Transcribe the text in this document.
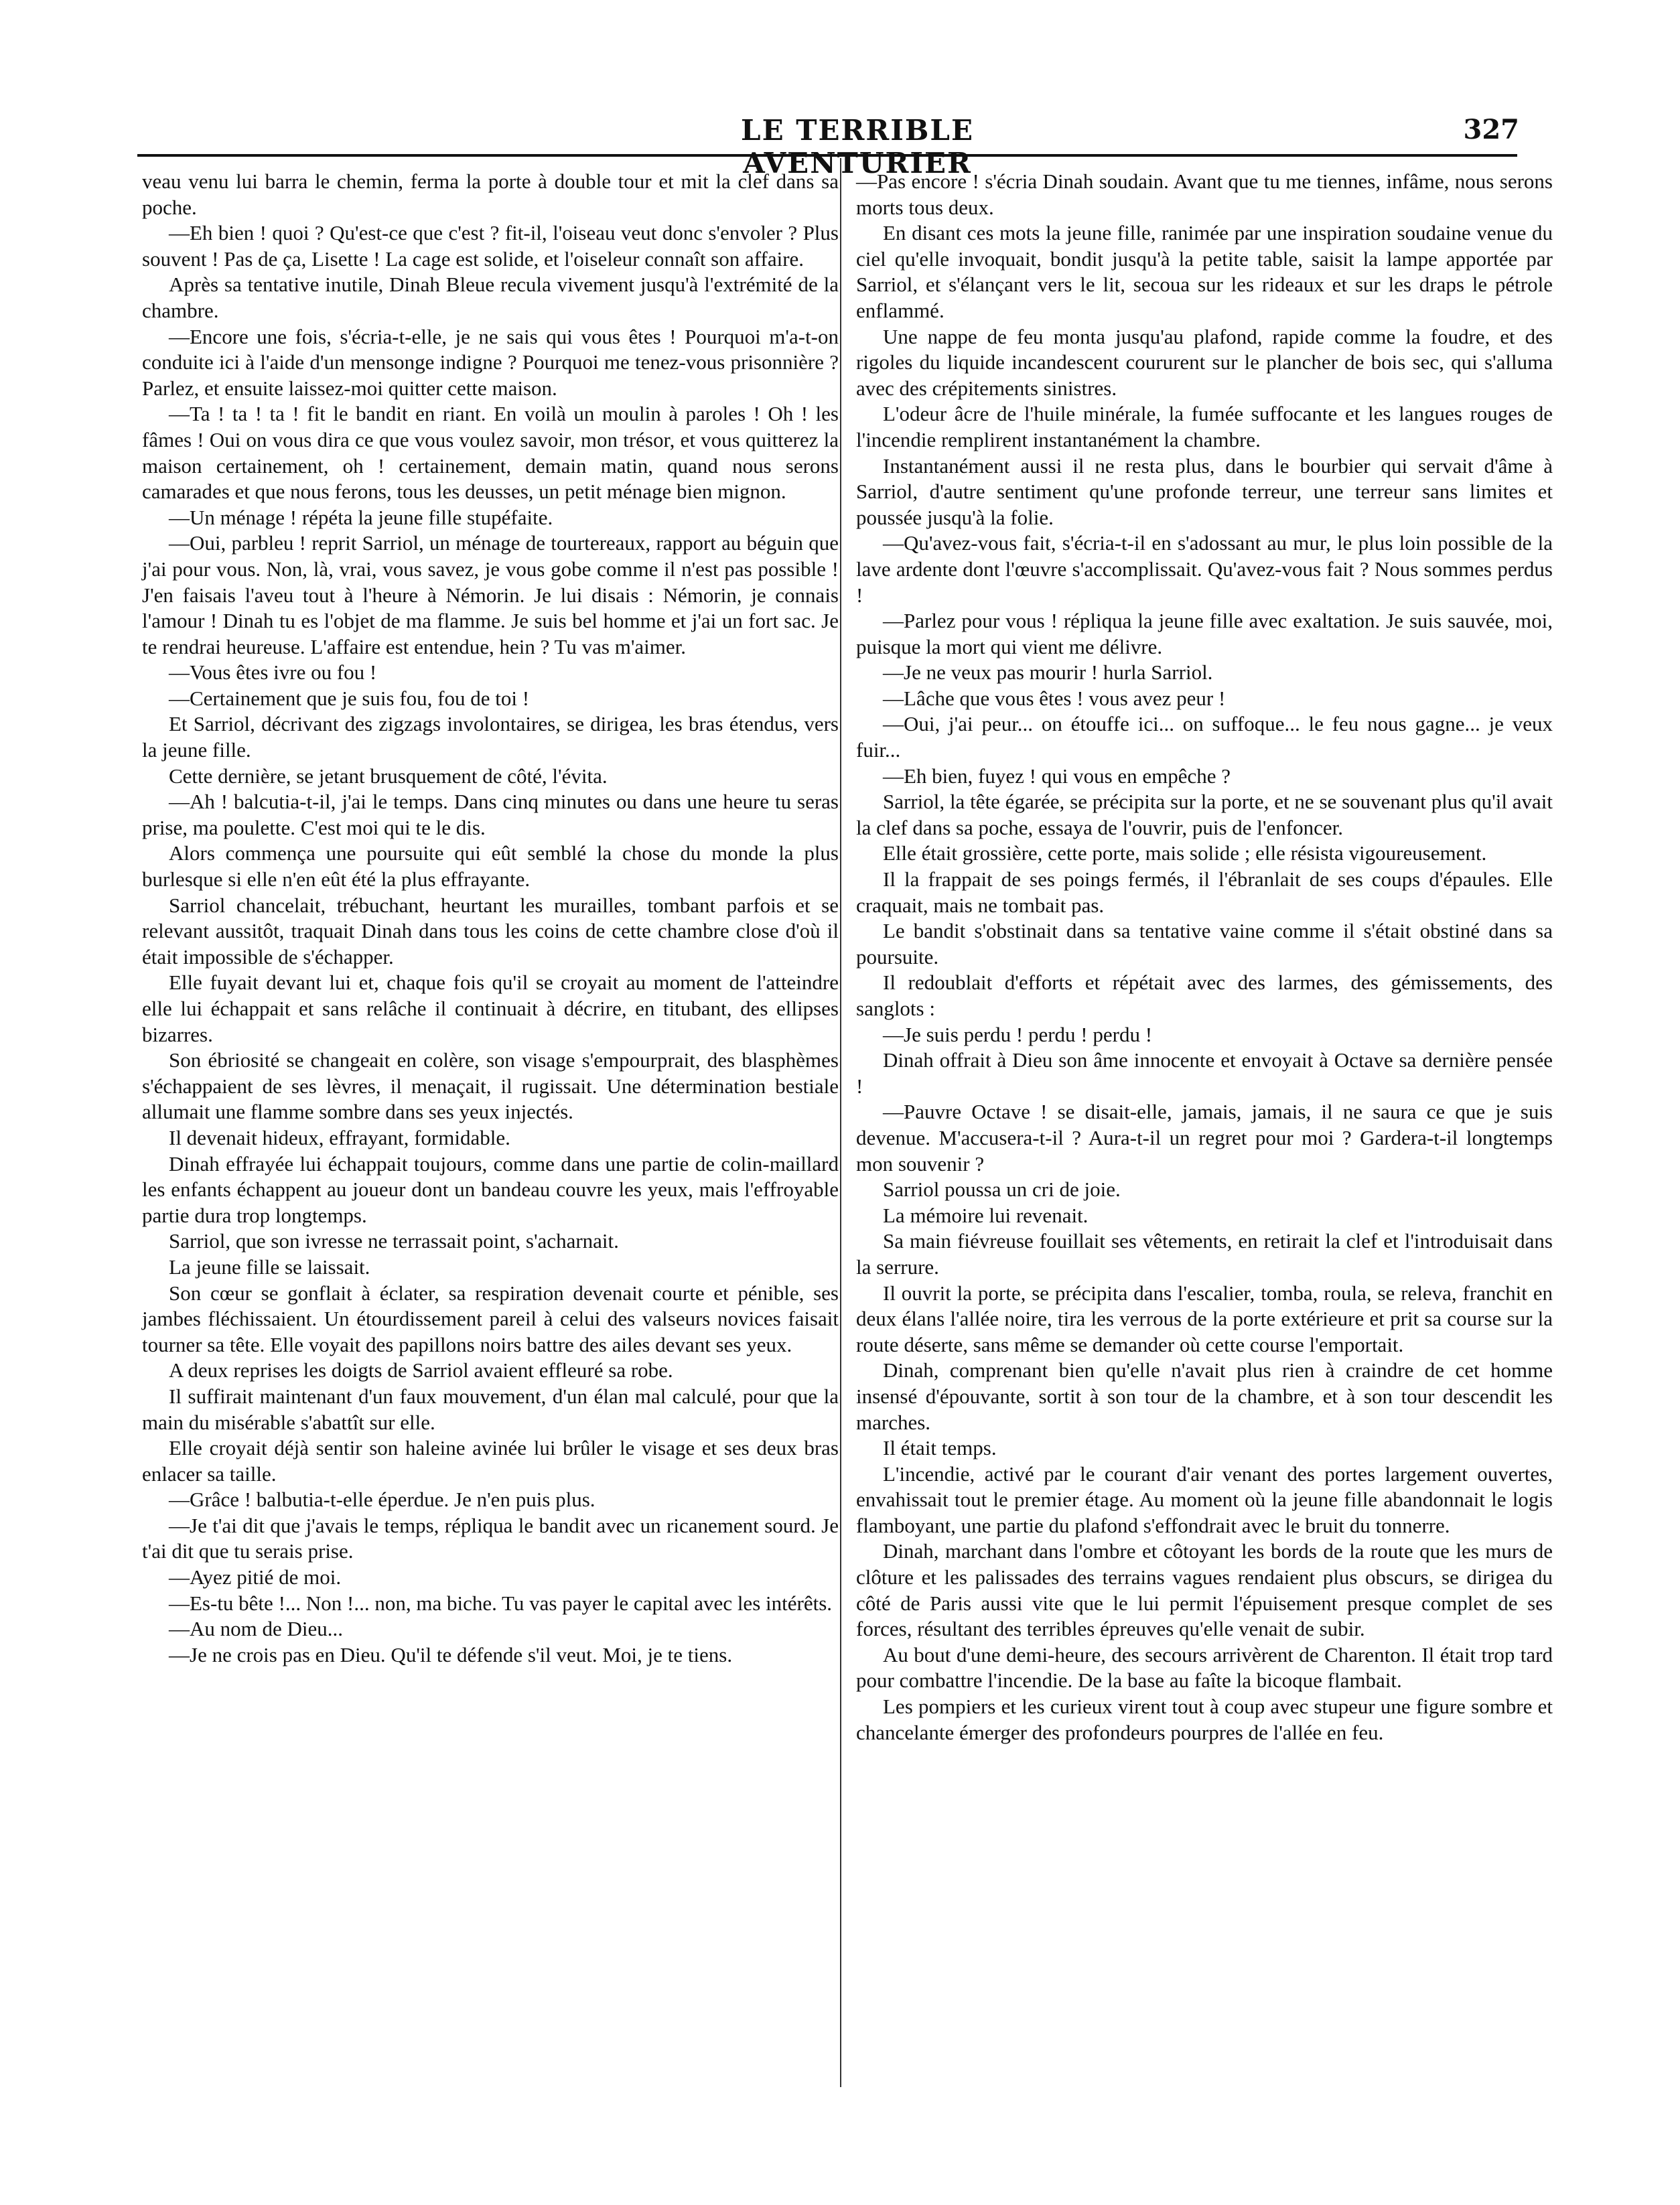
LE TERRIBLE AVENTURIER
327

veau venu lui barra le chemin, ferma la porte à double tour et mit la clef dans sa poche.

—Eh bien ! quoi ? Qu'est-ce que c'est ? fit-il, l'oiseau veut donc s'envoler ? Plus souvent ! Pas de ça, Lisette ! La cage est solide, et l'oiseleur connaît son affaire.

Après sa tentative inutile, Dinah Bleue recula vivement jusqu'à l'extrémité de la chambre.

—Encore une fois, s'écria-t-elle, je ne sais qui vous êtes ! Pourquoi m'a-t-on conduite ici à l'aide d'un mensonge indigne ? Pourquoi me tenez-vous prisonnière ? Parlez, et ensuite laissez-moi quitter cette maison.

—Ta ! ta ! ta ! fit le bandit en riant. En voilà un moulin à paroles ! Oh ! les fâmes ! Oui on vous dira ce que vous voulez savoir, mon trésor, et vous quitterez la maison certainement, oh ! certainement, demain matin, quand nous serons camarades et que nous ferons, tous les deusses, un petit ménage bien mignon.

—Un ménage ! répéta la jeune fille stupéfaite.

—Oui, parbleu ! reprit Sarriol, un ménage de tourtereaux, rapport au béguin que j'ai pour vous. Non, là, vrai, vous savez, je vous gobe comme il n'est pas possible ! J'en faisais l'aveu tout à l'heure à Némorin. Je lui disais : Némorin, je connais l'amour ! Dinah tu es l'objet de ma flamme. Je suis bel homme et j'ai un fort sac. Je te rendrai heureuse. L'affaire est entendue, hein ? Tu vas m'aimer.

—Vous êtes ivre ou fou !

—Certainement que je suis fou, fou de toi !

Et Sarriol, décrivant des zigzags involontaires, se dirigea, les bras étendus, vers la jeune fille.

Cette dernière, se jetant brusquement de côté, l'évita.

—Ah ! balcutia-t-il, j'ai le temps. Dans cinq minutes ou dans une heure tu seras prise, ma poulette. C'est moi qui te le dis.

Alors commença une poursuite qui eût semblé la chose du monde la plus burlesque si elle n'en eût été la plus effrayante.

Sarriol chancelait, trébuchant, heurtant les murailles, tombant parfois et se relevant aussitôt, traquait Dinah dans tous les coins de cette chambre close d'où il était impossible de s'échapper.

Elle fuyait devant lui et, chaque fois qu'il se croyait au moment de l'atteindre elle lui échappait et sans relâche il continuait à décrire, en titubant, des ellipses bizarres.

Son ébriosité se changeait en colère, son visage s'empourprait, des blasphèmes s'échappaient de ses lèvres, il menaçait, il rugissait. Une détermination bestiale allumait une flamme sombre dans ses yeux injectés.

Il devenait hideux, effrayant, formidable.

Dinah effrayée lui échappait toujours, comme dans une partie de colin-maillard les enfants échappent au joueur dont un bandeau couvre les yeux, mais l'effroyable partie dura trop longtemps.

Sarriol, que son ivresse ne terrassait point, s'acharnait.

La jeune fille se laissait.

Son cœur se gonflait à éclater, sa respiration devenait courte et pénible, ses jambes fléchissaient. Un étourdissement pareil à celui des valseurs novices faisait tourner sa tête. Elle voyait des papillons noirs battre des ailes devant ses yeux.

A deux reprises les doigts de Sarriol avaient effleuré sa robe.

Il suffirait maintenant d'un faux mouvement, d'un élan mal calculé, pour que la main du misérable s'abattît sur elle.

Elle croyait déjà sentir son haleine avinée lui brûler le visage et ses deux bras enlacer sa taille.

—Grâce ! balbutia-t-elle éperdue. Je n'en puis plus.

—Je t'ai dit que j'avais le temps, répliqua le bandit avec un ricanement sourd. Je t'ai dit que tu serais prise.

—Ayez pitié de moi.

—Es-tu bête !... Non !... non, ma biche. Tu vas payer le capital avec les intérêts.

—Au nom de Dieu...

—Je ne crois pas en Dieu. Qu'il te défende s'il veut. Moi, je te tiens.

—Pas encore ! s'écria Dinah soudain. Avant que tu me tiennes, infâme, nous serons morts tous deux.

En disant ces mots la jeune fille, ranimée par une inspiration soudaine venue du ciel qu'elle invoquait, bondit jusqu'à la petite table, saisit la lampe apportée par Sarriol, et s'élançant vers le lit, secoua sur les rideaux et sur les draps le pétrole enflammé.

Une nappe de feu monta jusqu'au plafond, rapide comme la foudre, et des rigoles du liquide incandescent coururent sur le plancher de bois sec, qui s'alluma avec des crépitements sinistres.

L'odeur âcre de l'huile minérale, la fumée suffocante et les langues rouges de l'incendie remplirent instantanément la chambre.

Instantanément aussi il ne resta plus, dans le bourbier qui servait d'âme à Sarriol, d'autre sentiment qu'une profonde terreur, une terreur sans limites et poussée jusqu'à la folie.

—Qu'avez-vous fait, s'écria-t-il en s'adossant au mur, le plus loin possible de la lave ardente dont l'œuvre s'accomplissait. Qu'avez-vous fait ? Nous sommes perdus !

—Parlez pour vous ! répliqua la jeune fille avec exaltation. Je suis sauvée, moi, puisque la mort qui vient me délivre.

—Je ne veux pas mourir ! hurla Sarriol.

—Lâche que vous êtes ! vous avez peur !

—Oui, j'ai peur... on étouffe ici... on suffoque... le feu nous gagne... je veux fuir...

—Eh bien, fuyez ! qui vous en empêche ?

Sarriol, la tête égarée, se précipita sur la porte, et ne se souvenant plus qu'il avait la clef dans sa poche, essaya de l'ouvrir, puis de l'enfoncer.

Elle était grossière, cette porte, mais solide ; elle résista vigoureusement.

Il la frappait de ses poings fermés, il l'ébranlait de ses coups d'épaules. Elle craquait, mais ne tombait pas.

Le bandit s'obstinait dans sa tentative vaine comme il s'était obstiné dans sa poursuite.

Il redoublait d'efforts et répétait avec des larmes, des gémissements, des sanglots :

—Je suis perdu ! perdu ! perdu !

Dinah offrait à Dieu son âme innocente et envoyait à Octave sa dernière pensée !

—Pauvre Octave ! se disait-elle, jamais, jamais, il ne saura ce que je suis devenue. M'accusera-t-il ? Aura-t-il un regret pour moi ? Gardera-t-il longtemps mon souvenir ?

Sarriol poussa un cri de joie.

La mémoire lui revenait.

Sa main fiévreuse fouillait ses vêtements, en retirait la clef et l'introduisait dans la serrure.

Il ouvrit la porte, se précipita dans l'escalier, tomba, roula, se releva, franchit en deux élans l'allée noire, tira les verrous de la porte extérieure et prit sa course sur la route déserte, sans même se demander où cette course l'emportait.

Dinah, comprenant bien qu'elle n'avait plus rien à craindre de cet homme insensé d'épouvante, sortit à son tour de la chambre, et à son tour descendit les marches.

Il était temps.

L'incendie, activé par le courant d'air venant des portes largement ouvertes, envahissait tout le premier étage. Au moment où la jeune fille abandonnait le logis flamboyant, une partie du plafond s'effondrait avec le bruit du tonnerre.

Dinah, marchant dans l'ombre et côtoyant les bords de la route que les murs de clôture et les palissades des terrains vagues rendaient plus obscurs, se dirigea du côté de Paris aussi vite que le lui permit l'épuisement presque complet de ses forces, résultant des terribles épreuves qu'elle venait de subir.

Au bout d'une demi-heure, des secours arrivèrent de Charenton. Il était trop tard pour combattre l'incendie. De la base au faîte la bicoque flambait.

Les pompiers et les curieux virent tout à coup avec stupeur une figure sombre et chancelante émerger des profondeurs pourpres de l'allée en feu.
